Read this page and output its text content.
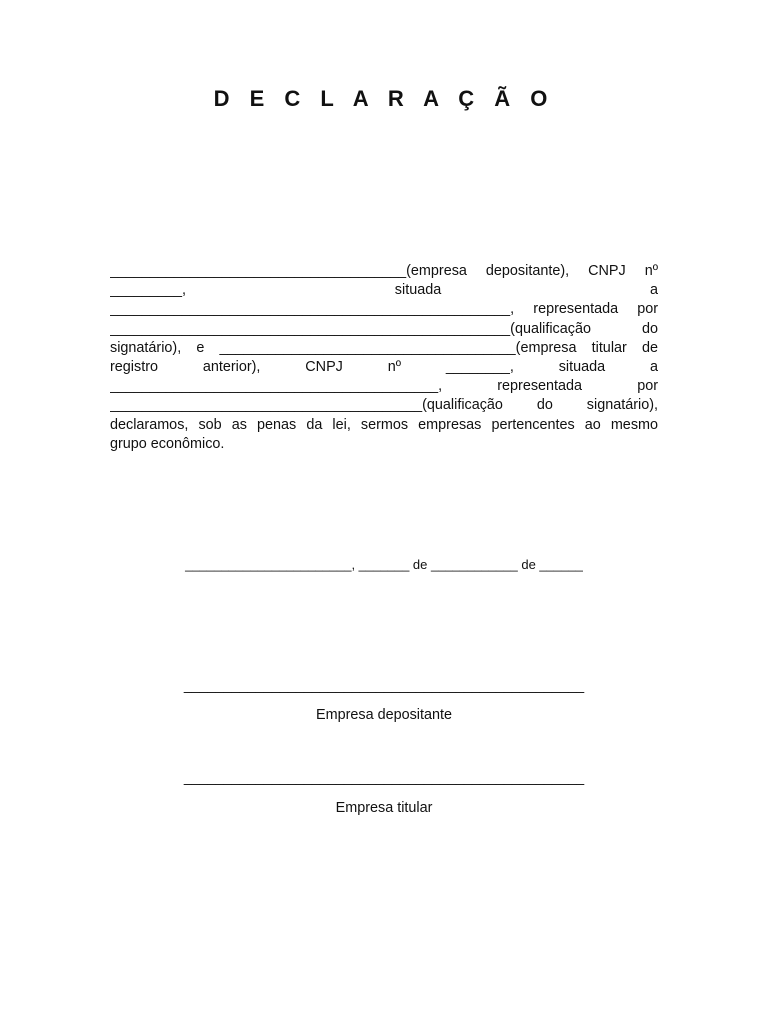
D E C L A R A Ç Ã O
_____________________________________(empresa depositante), CNPJ nº
_________, situada a
__________________________________________________, representada por
__________________________________________________(qualificação do
signatário), e _____________________________________(empresa titular de
registro anterior), CNPJ nº ________, situada a
_________________________________________, representada por
_______________________________________(qualificação do signatário),
declaramos, sob as penas da lei, sermos empresas pertencentes ao mesmo
grupo econômico.
_______________________, _______ de ____________ de ______
__________________________________________________
Empresa depositante
__________________________________________________
Empresa titular
